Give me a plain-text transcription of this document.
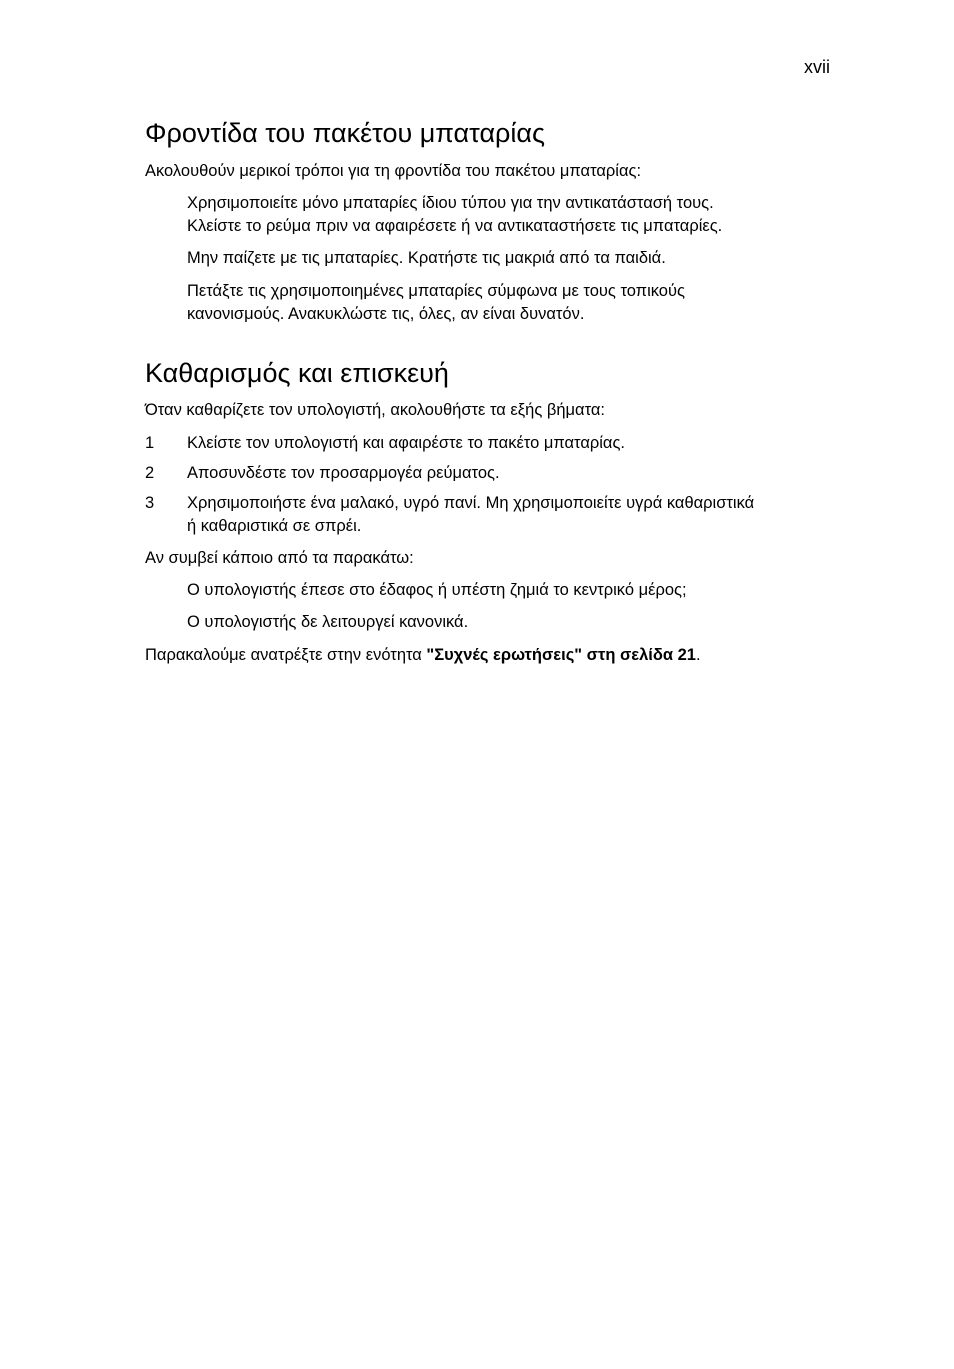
xvii
Φροντίδα του πακέτου μπαταρίας

Ακολουθούν μερικοί τρόποι για τη φροντίδα του πακέτου μπαταρίας:

Χρησιμοποιείτε μόνο μπαταρίες ίδιου τύπου για την αντικατάστασή τους.

Κλείστε το ρεύμα πριν να αφαιρέσετε ή να αντικαταστήσετε τις μπαταρίες.

Μην παίζετε με τις μπαταρίες. Κρατήστε τις μακριά από τα παιδιά.

Πετάξτε τις χρησιμοποιημένες μπαταρίες σύμφωνα με τους τοπικούς

κανονισμούς. Ανακυκλώστε τις, όλες, αν είναι δυνατόν.

Καθαρισμός και επισκευή

Όταν καθαρίζετε τον υπολογιστή, ακολουθήστε τα εξής βήματα:

1 Κλείστε τον υπολογιστή και αφαιρέστε το πακέτο μπαταρίας.

2 Αποσυνδέστε τον προσαρμογέα ρεύματος.

3 Χρησιμοποιήστε ένα μαλακό, υγρό πανί. Μη χρησιμοποιείτε υγρά καθαριστικά

ή καθαριστικά σε σπρέι.

Αν συμβεί κάποιο από τα παρακάτω:

Ο υπολογιστής έπεσε στο έδαφος ή υπέστη ζημιά το κεντρικό μέρος;

Ο υπολογιστής δε λειτουργεί κανονικά.

Παρακαλούμε ανατρέξτε στην ενότητα "Συχνές ερωτήσεις" στη σελίδα 21.
